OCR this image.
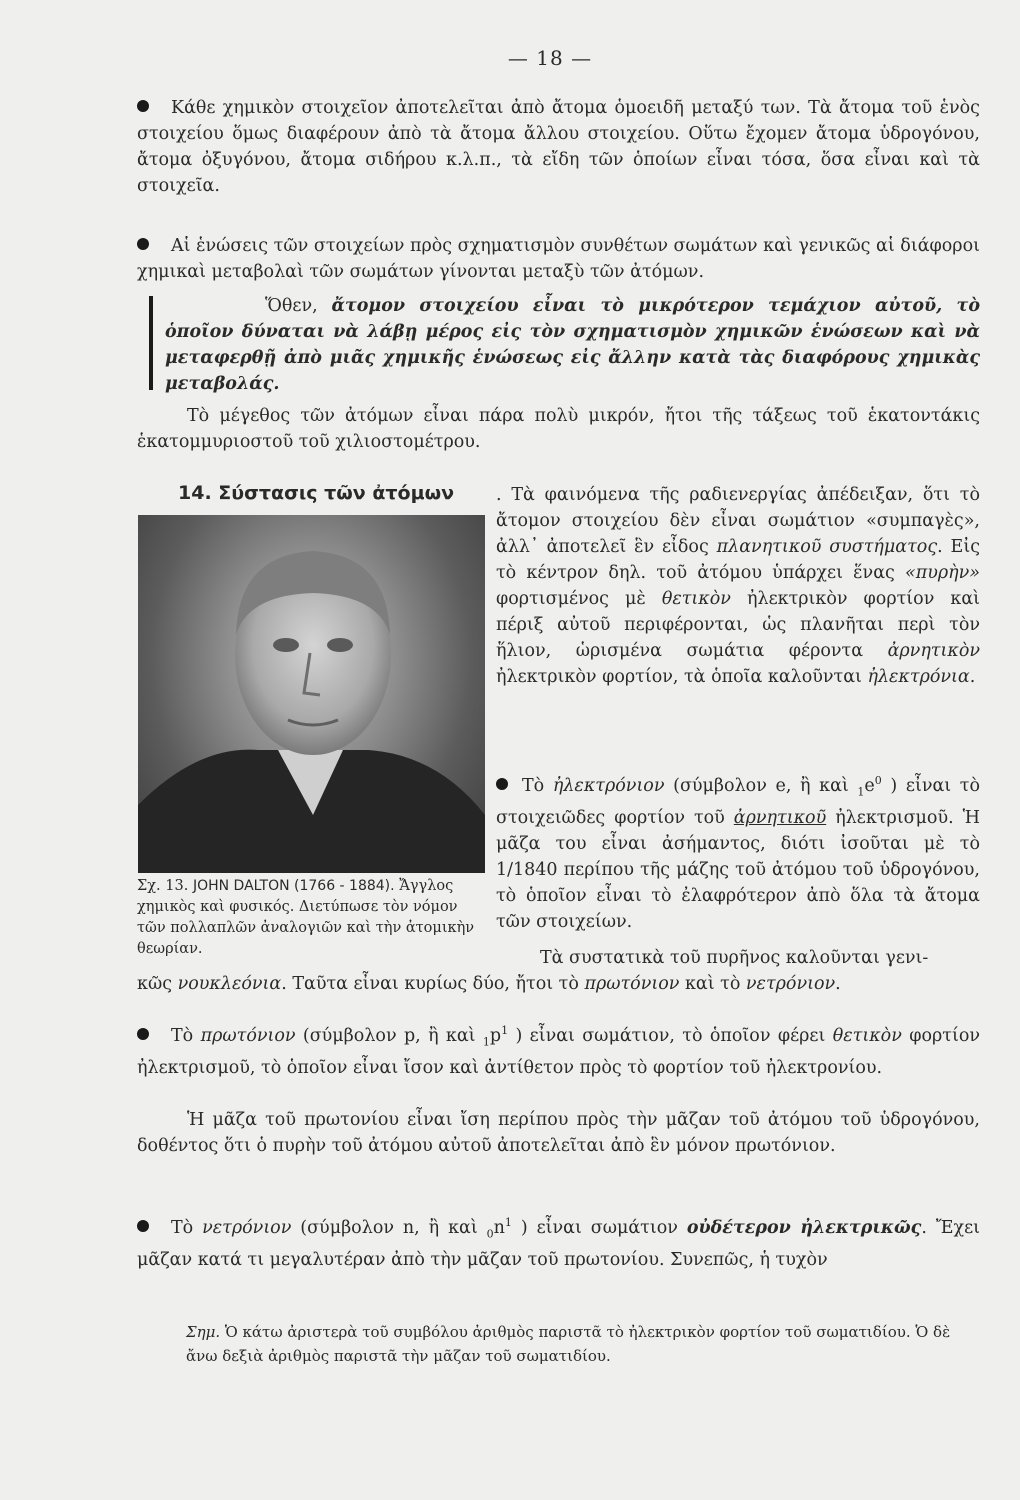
— 18 —

Κάθε χημικὸν στοιχεῖον ἀποτελεῖται ἀπὸ ἄτομα ὁμοειδῆ μεταξύ των. Τὰ ἄτομα τοῦ ἑνὸς στοιχείου ὅμως διαφέρουν ἀπὸ τὰ ἄτομα ἄλλου στοιχείου. Οὕτω ἔχομεν ἄτομα ὑδρογόνου, ἄτομα ὀξυγόνου, ἄτομα σιδήρου κ.λ.π., τὰ εἴδη τῶν ὁποίων εἶναι τόσα, ὅσα εἶναι καὶ τὰ στοιχεῖα.

Αἱ ἑνώσεις τῶν στοιχείων πρὸς σχηματισμὸν συνθέτων σωμάτων καὶ γενικῶς αἱ διάφοροι χημικαὶ μεταβολαὶ τῶν σωμάτων γίνονται μεταξὺ τῶν ἀτόμων.

Ὅθεν, ἄτομον στοιχείου εἶναι τὸ μικρότερον τεμάχιον αὐτοῦ, τὸ ὁποῖον δύναται νὰ λάβῃ μέρος εἰς τὸν σχηματισμὸν χημικῶν ἑνώσεων καὶ νὰ μεταφερθῇ ἀπὸ μιᾶς χημικῆς ἑνώσεως εἰς ἄλλην κατὰ τὰς διαφόρους χημικὰς μεταβολάς.

Τὸ μέγεθος τῶν ἀτόμων εἶναι πάρα πολὺ μικρόν, ἤτοι τῆς τάξεως τοῦ ἑκατοντάκις ἑκατομμυριοστοῦ τοῦ χιλιοστομέτρου.

14. Σύστασις τῶν ἀτόμων . Τὰ φαινόμενα τῆς ραδιενεργίας ἀπέδειξαν, ὅτι τὸ ἄτομον στοιχείου δὲν εἶναι σωμάτιον «συμπαγὲς», ἀλλ᾽ ἀποτελεῖ ἓν εἶδος πλανητικοῦ συστήματος. Εἰς τὸ κέντρον δηλ. τοῦ ἀτόμου ὑπάρχει ἕνας «πυρὴν» φορτισμένος μὲ θετικὸν ἠλεκτρικὸν φορτίον καὶ πέριξ αὐτοῦ περιφέρονται, ὡς πλανῆται περὶ τὸν ἥλιον, ὡρισμένα σωμάτια φέροντα ἀρνητικὸν ἠλεκτρικὸν φορτίον, τὰ ὁποῖα καλοῦνται ἠλεκτρόνια.

Τὸ ἠλεκτρόνιον (σύμβολον e, ἢ καὶ $_1e^0$ ) εἶναι τὸ στοιχειῶδες φορτίον τοῦ ἀρνητικοῦ ἠλεκτρισμοῦ. Ἡ μᾶζα του εἶναι ἀσήμαντος, διότι ἰσοῦται μὲ τὸ 1/1840 περίπου τῆς μάζης τοῦ ἀτόμου τοῦ ὑδρογόνου, τὸ ὁποῖον εἶναι τὸ ἐλαφρότερον ἀπὸ ὅλα τὰ ἄτομα τῶν στοιχείων.

Σχ. 13. JOHN DALTON (1766 - 1884). Ἄγγλος χημικὸς καὶ φυσικός. Διετύπωσε τὸν νόμον τῶν πολλαπλῶν ἀναλογιῶν καὶ τὴν ἀτομικὴν θεωρίαν.	Τὰ συστατικὰ τοῦ πυρῆνος καλοῦνται γενι-

κῶς νουκλεόνια. Ταῦτα εἶναι κυρίως δύο, ἤτοι τὸ πρωτόνιον καὶ τὸ νετρόνιον.

Τὸ πρωτόνιον (σύμβολον p, ἢ καὶ $_1p^1$ ) εἶναι σωμάτιον, τὸ ὁποῖον φέρει θετικὸν φορτίον ἠλεκτρισμοῦ, τὸ ὁποῖον εἶναι ἴσον καὶ ἀντίθετον πρὸς τὸ φορτίον τοῦ ἠλεκτρονίου.

Ἡ μᾶζα τοῦ πρωτονίου εἶναι ἴση περίπου πρὸς τὴν μᾶζαν τοῦ ἀτόμου τοῦ ὑδρογόνου, δοθέντος ὅτι ὁ πυρὴν τοῦ ἀτόμου αὐτοῦ ἀποτελεῖται ἀπὸ ἓν μόνον πρωτόνιον.

Τὸ νετρόνιον (σύμβολον n, ἢ καὶ $_0n^1$ ) εἶναι σωμάτιον οὐδέτερον ἠλεκτρικῶς. Ἔχει μᾶζαν κατά τι μεγαλυτέραν ἀπὸ τὴν μᾶζαν τοῦ πρωτονίου. Συνεπῶς, ἡ τυχὸν

Σημ. Ὁ κάτω ἀριστερὰ τοῦ συμβόλου ἀριθμὸς παριστᾶ τὸ ἠλεκτρικὸν φορτίον τοῦ σωματιδίου. Ὁ δὲ ἄνω δεξιὰ ἀριθμὸς παριστᾶ τὴν μᾶζαν τοῦ σωματιδίου.
